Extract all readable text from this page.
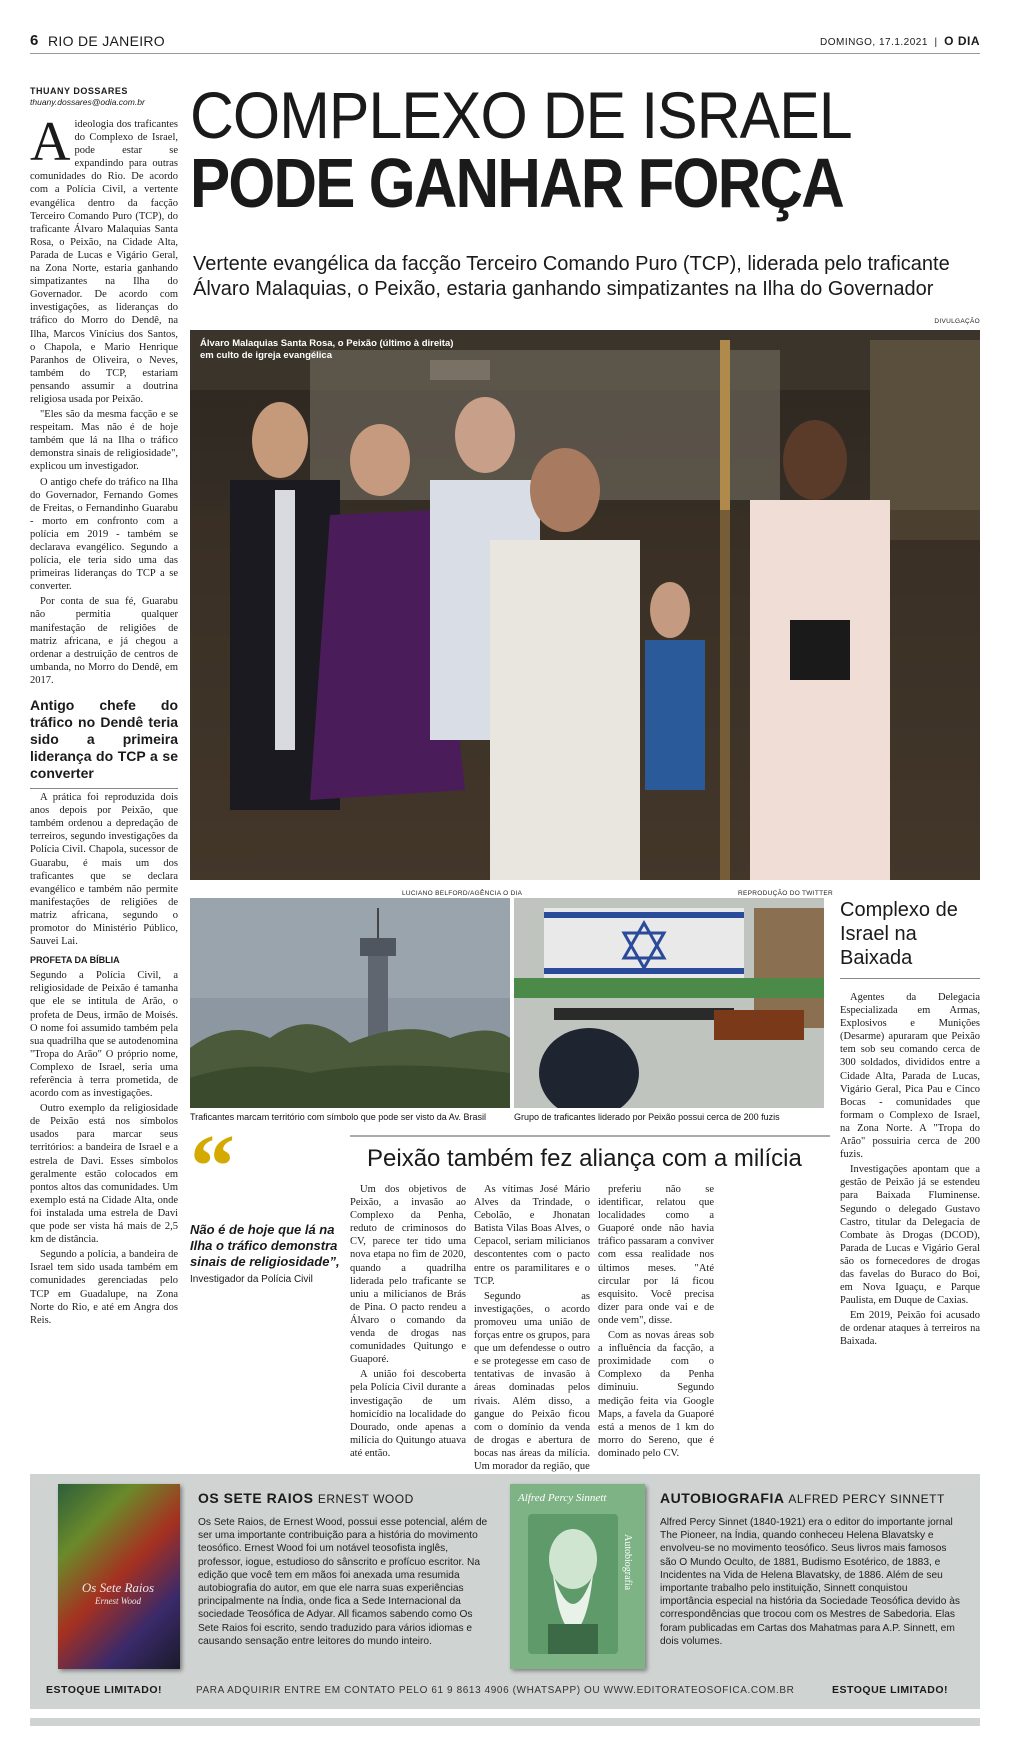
6 RIO DE JANEIRO	DOMINGO, 17.1.2021  |  O DIA
THUANY DOSSARES
thuany.dossares@odia.com.br COMPLEXO DE ISRAEL
PODE GANHAR FORÇA
Vertente evangélica da facção Terceiro Comando Puro (TCP), liderada pelo traficante Álvaro Malaquias, o Peixão, estaria ganhando simpatizantes na Ilha do Governador

Aideologia dos traficantes do Complexo de Israel, pode estar se expandindo para outras comunidades do Rio. De acordo com a Polícia Civil, a vertente evangélica dentro da facção Terceiro Comando Puro (TCP), do traficante Álvaro Malaquias Santa Rosa, o Peixão, na Cidade Alta, Parada de Lucas e Vigário Geral, na Zona Norte, estaria ganhando simpatizantes na Ilha do Governador. De acordo com investigações, as lideranças do tráfico do Morro do Dendê, na Ilha, Marcos Vinícius dos Santos, o Chapola, e Mario Henrique Paranhos de Oliveira, o Neves, também do TCP, estariam pensando assumir a doutrina religiosa usada por Peixão.

"Eles são da mesma facção e se respeitam. Mas não é de hoje também que lá na Ilha o tráfico demonstra sinais de religiosidade", explicou um investigador.

O antigo chefe do tráfico na Ilha do Governador, Fernando Gomes de Freitas, o Fernandinho Guarabu - morto em confronto com a polícia em 2019 - também se declarava evangélico. Segundo a polícia, ele teria sido uma das primeiras lideranças do TCP a se converter.

Por conta de sua fé, Guarabu não permitia qualquer manifestação de religiões de matriz africana, e já chegou a ordenar a destruição de centros de umbanda, no Morro do Dendê, em 2017.

Antigo chefe do tráfico no Dendê teria sido a primeira liderança do TCP a se converter

A prática foi reproduzida dois anos depois por Peixão, que também ordenou a depredação de terreiros, segundo investigações da Polícia Civil. Chapola, sucessor de Guarabu, é mais um dos traficantes que se declara evangélico e também não permite manifestações de religiões de matriz africana, segundo o promotor do Ministério Público, Sauvei Lai.

PROFETA DA BÍBLIA

Segundo a Polícia Civil, a religiosidade de Peixão é tamanha que ele se intitula de Arão, o profeta de Deus, irmão de Moisés. O nome foi assumido também pela sua quadrilha que se autodenomina "Tropa do Arão" O próprio nome, Complexo de Israel, seria uma referência à terra prometida, de acordo com as investigações.

Outro exemplo da religiosidade de Peixão está nos símbolos usados para marcar seus territórios: a bandeira de Israel e a estrela de Davi. Esses símbolos geralmente estão colocados em pontos altos das comunidades. Um exemplo está na Cidade Alta, onde foi instalada uma estrela de Davi que pode ser vista há mais de 2,5 km de distância.

Segundo a polícia, a bandeira de Israel tem sido usada também em comunidades gerenciadas pelo TCP em Guadalupe, na Zona Norte do Rio, e até em Angra dos Reis.

DIVULGAÇÃO
Álvaro Malaquias Santa Rosa, o Peixão (último à direita) em culto de igreja evangélica
LUCIANO BELFORD/AGÊNCIA O DIA
Traficantes marcam território com símbolo que pode ser visto da Av. Brasil
REPRODUÇÃO DO TWITTER
Grupo de traficantes liderado por Peixão possui cerca de 200 fuzis
Complexo de Israel na Baixada

Agentes da Delegacia Especializada em Armas, Explosivos e Munições (Desarme) apuraram que Peixão tem sob seu comando cerca de 300 soldados, divididos entre a Cidade Alta, Parada de Lucas, Vigário Geral, Pica Pau e Cinco Bocas - comunidades que formam o Complexo de Israel, na Zona Norte. A "Tropa do Arão" possuiria cerca de 200 fuzis.

Investigações apontam que a gestão de Peixão já se estendeu para Baixada Fluminense. Segundo o delegado Gustavo Castro, titular da Delegacia de Combate às Drogas (DCOD), Parada de Lucas e Vigário Geral são os fornecedores de drogas das favelas do Buraco do Boi, em Nova Iguaçu, e Parque Paulista, em Duque de Caxias.

Em 2019, Peixão foi acusado de ordenar ataques à terreiros na Baixada.

“
Não é de hoje que lá na Ilha o tráfico demonstra sinais de religiosidade”,
Investigador da Polícia Civil
Peixão também fez aliança com a milícia

Um dos objetivos de Peixão, a invasão ao Complexo da Penha, reduto de criminosos do CV, parece ter tido uma nova etapa no fim de 2020, quando a quadrilha liderada pelo traficante se uniu a milicianos de Brás de Pina. O pacto rendeu a Álvaro o comando da venda de drogas nas comunidades Quitungo e Guaporé.

A união foi descoberta pela Polícia Civil durante a investigação de um homicídio na localidade do Dourado, onde apenas a milícia do Quitungo atuava até então.

As vítimas José Mário Alves da Trindade, o Cebolão, e Jhonatan Batista Vilas Boas Alves, o Cepacol, seriam milicianos descontentes com o pacto entre os paramilitares e o TCP.

Segundo as investigações, o acordo promoveu uma união de forças entre os grupos, para que um defendesse o outro e se protegesse em caso de tentativas de invasão à áreas dominadas pelos rivais. Além disso, a gangue do Peixão ficou com o domínio da venda de drogas e abertura de bocas nas áreas da milícia. Um morador da região, que

preferiu não se identificar, relatou que localidades como a Guaporé onde não havia tráfico passaram a conviver com essa realidade nos últimos meses. "Até circular por lá ficou esquisito. Você precisa dizer para onde vai e de onde vem", disse.

Com as novas áreas sob a influência da facção, a proximidade com o Complexo da Penha diminuiu. Segundo medição feita via Google Maps, a favela da Guaporé está a menos de 1 km do morro do Sereno, que é dominado pelo CV.

Os Sete Raios
Ernest Wood
OS SETE RAIOS ERNEST WOOD
Os Sete Raios, de Ernest Wood, possui esse potencial, além de ser uma importante contribuição para a história do movimento teosófico. Ernest Wood foi um notável teosofista inglês, professor, iogue, estudioso do sânscrito e profícuo escritor. Na edição que você tem em mãos foi anexada uma resumida autobiografia do autor, em que ele narra suas experiências principalmente na Índia, onde fica a Sede Internacional da sociedade Teosófica de Adyar. All ficamos sabendo como Os Sete Raios foi escrito, sendo traduzido para vários idiomas e causando sensação entre leitores do mundo inteiro.
Alfred Percy Sinnett
Autobiografia
AUTOBIOGRAFIA ALFRED PERCY SINNETT
Alfred Percy Sinnet (1840-1921) era o editor do importante jornal The Pioneer, na Índia, quando conheceu Helena Blavatsky e envolveu-se no movimento teosófico. Seus livros mais famosos são O Mundo Oculto, de 1881, Budismo Esotérico, de 1883, e Incidentes na Vida de Helena Blavatsky, de 1886. Além de seu importante trabalho pelo instituição, Sinnett conquistou importância especial na história da Sociedade Teosófica devido às correspondências que trocou com os Mestres de Sabedoria. Elas foram publicadas em Cartas dos Mahatmas para A.P. Sinnett, em dois volumes.
ESTOQUE LIMITADO!	PARA ADQUIRIR ENTRE EM CONTATO PELO 61 9 8613 4906 (WHATSAPP) OU WWW.EDITORATEOSOFICA.COM.BR	ESTOQUE LIMITADO!
